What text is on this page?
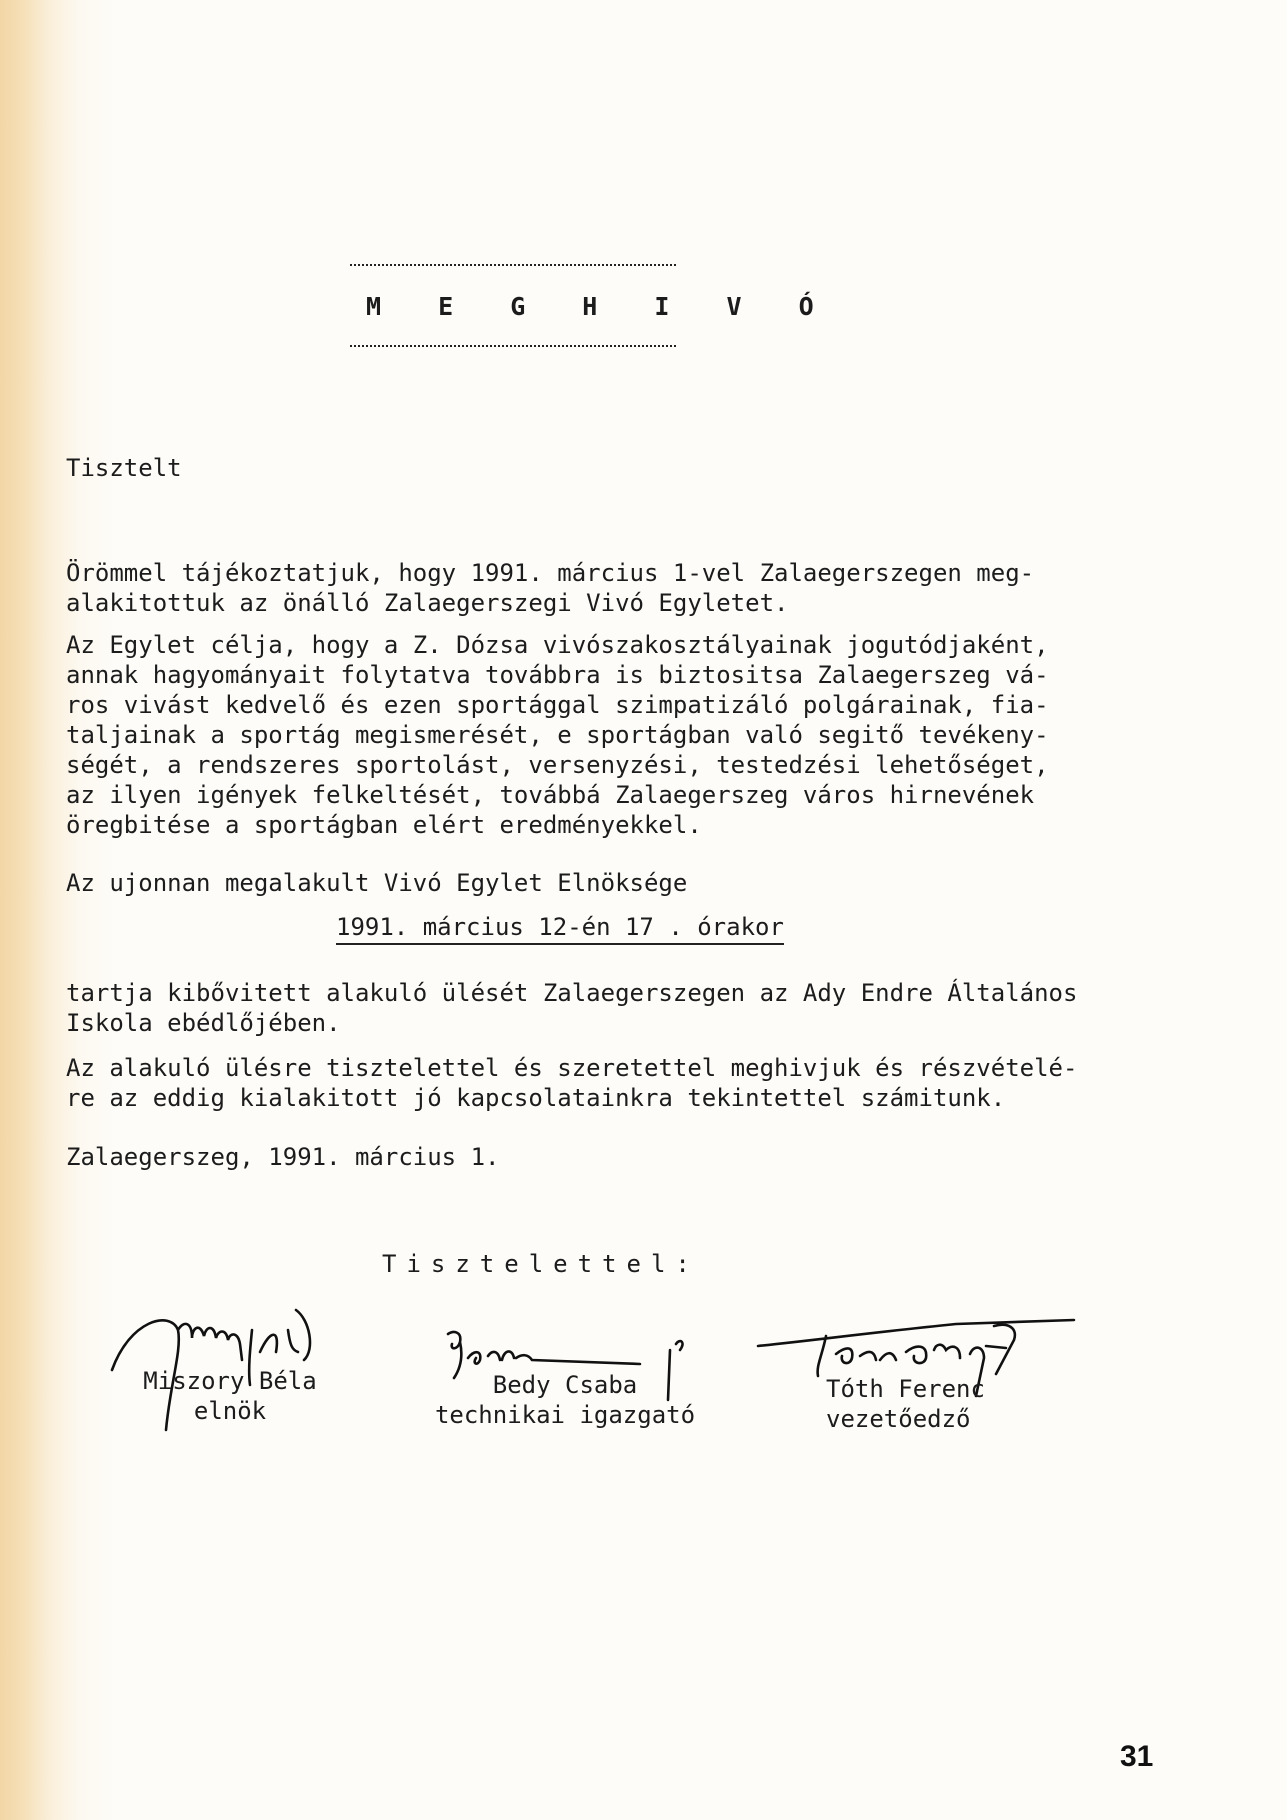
M E G H I V Ó
Tisztelt
Örömmel tájékoztatjuk, hogy 1991. március 1-vel Zalaegerszegen meg-
alakitottuk az önálló Zalaegerszegi Vivó Egyletet.
Az Egylet célja, hogy a Z. Dózsa vivószakosztályainak jogutódjaként,
annak hagyományait folytatva továbbra is biztositsa Zalaegerszeg vá-
ros vivást kedvelő és ezen sportággal szimpatizáló polgárainak, fia-
taljainak a sportág megismerését, e sportágban való segitő tevékeny-
ségét, a rendszeres sportolást, versenyzési, testedzési lehetőséget,
az ilyen igények felkeltését, továbbá Zalaegerszeg város hirnevének
öregbitése a sportágban elért eredményekkel.
Az ujonnan megalakult Vivó Egylet Elnöksége
1991. március 12-én 17 . órakor
tartja kibővitett alakuló ülését Zalaegerszegen az Ady Endre Általános
Iskola ebédlőjében.
Az alakuló ülésre tisztelettel és szeretettel meghivjuk és részvételé-
re az eddig kialakitott jó kapcsolatainkra tekintettel számitunk.
Zalaegerszeg, 1991. március 1.
Tisztelettel:
Miszory Béla
elnök
Bedy Csaba
technikai igazgató
Tóth Ferenc
vezetőedző
31
